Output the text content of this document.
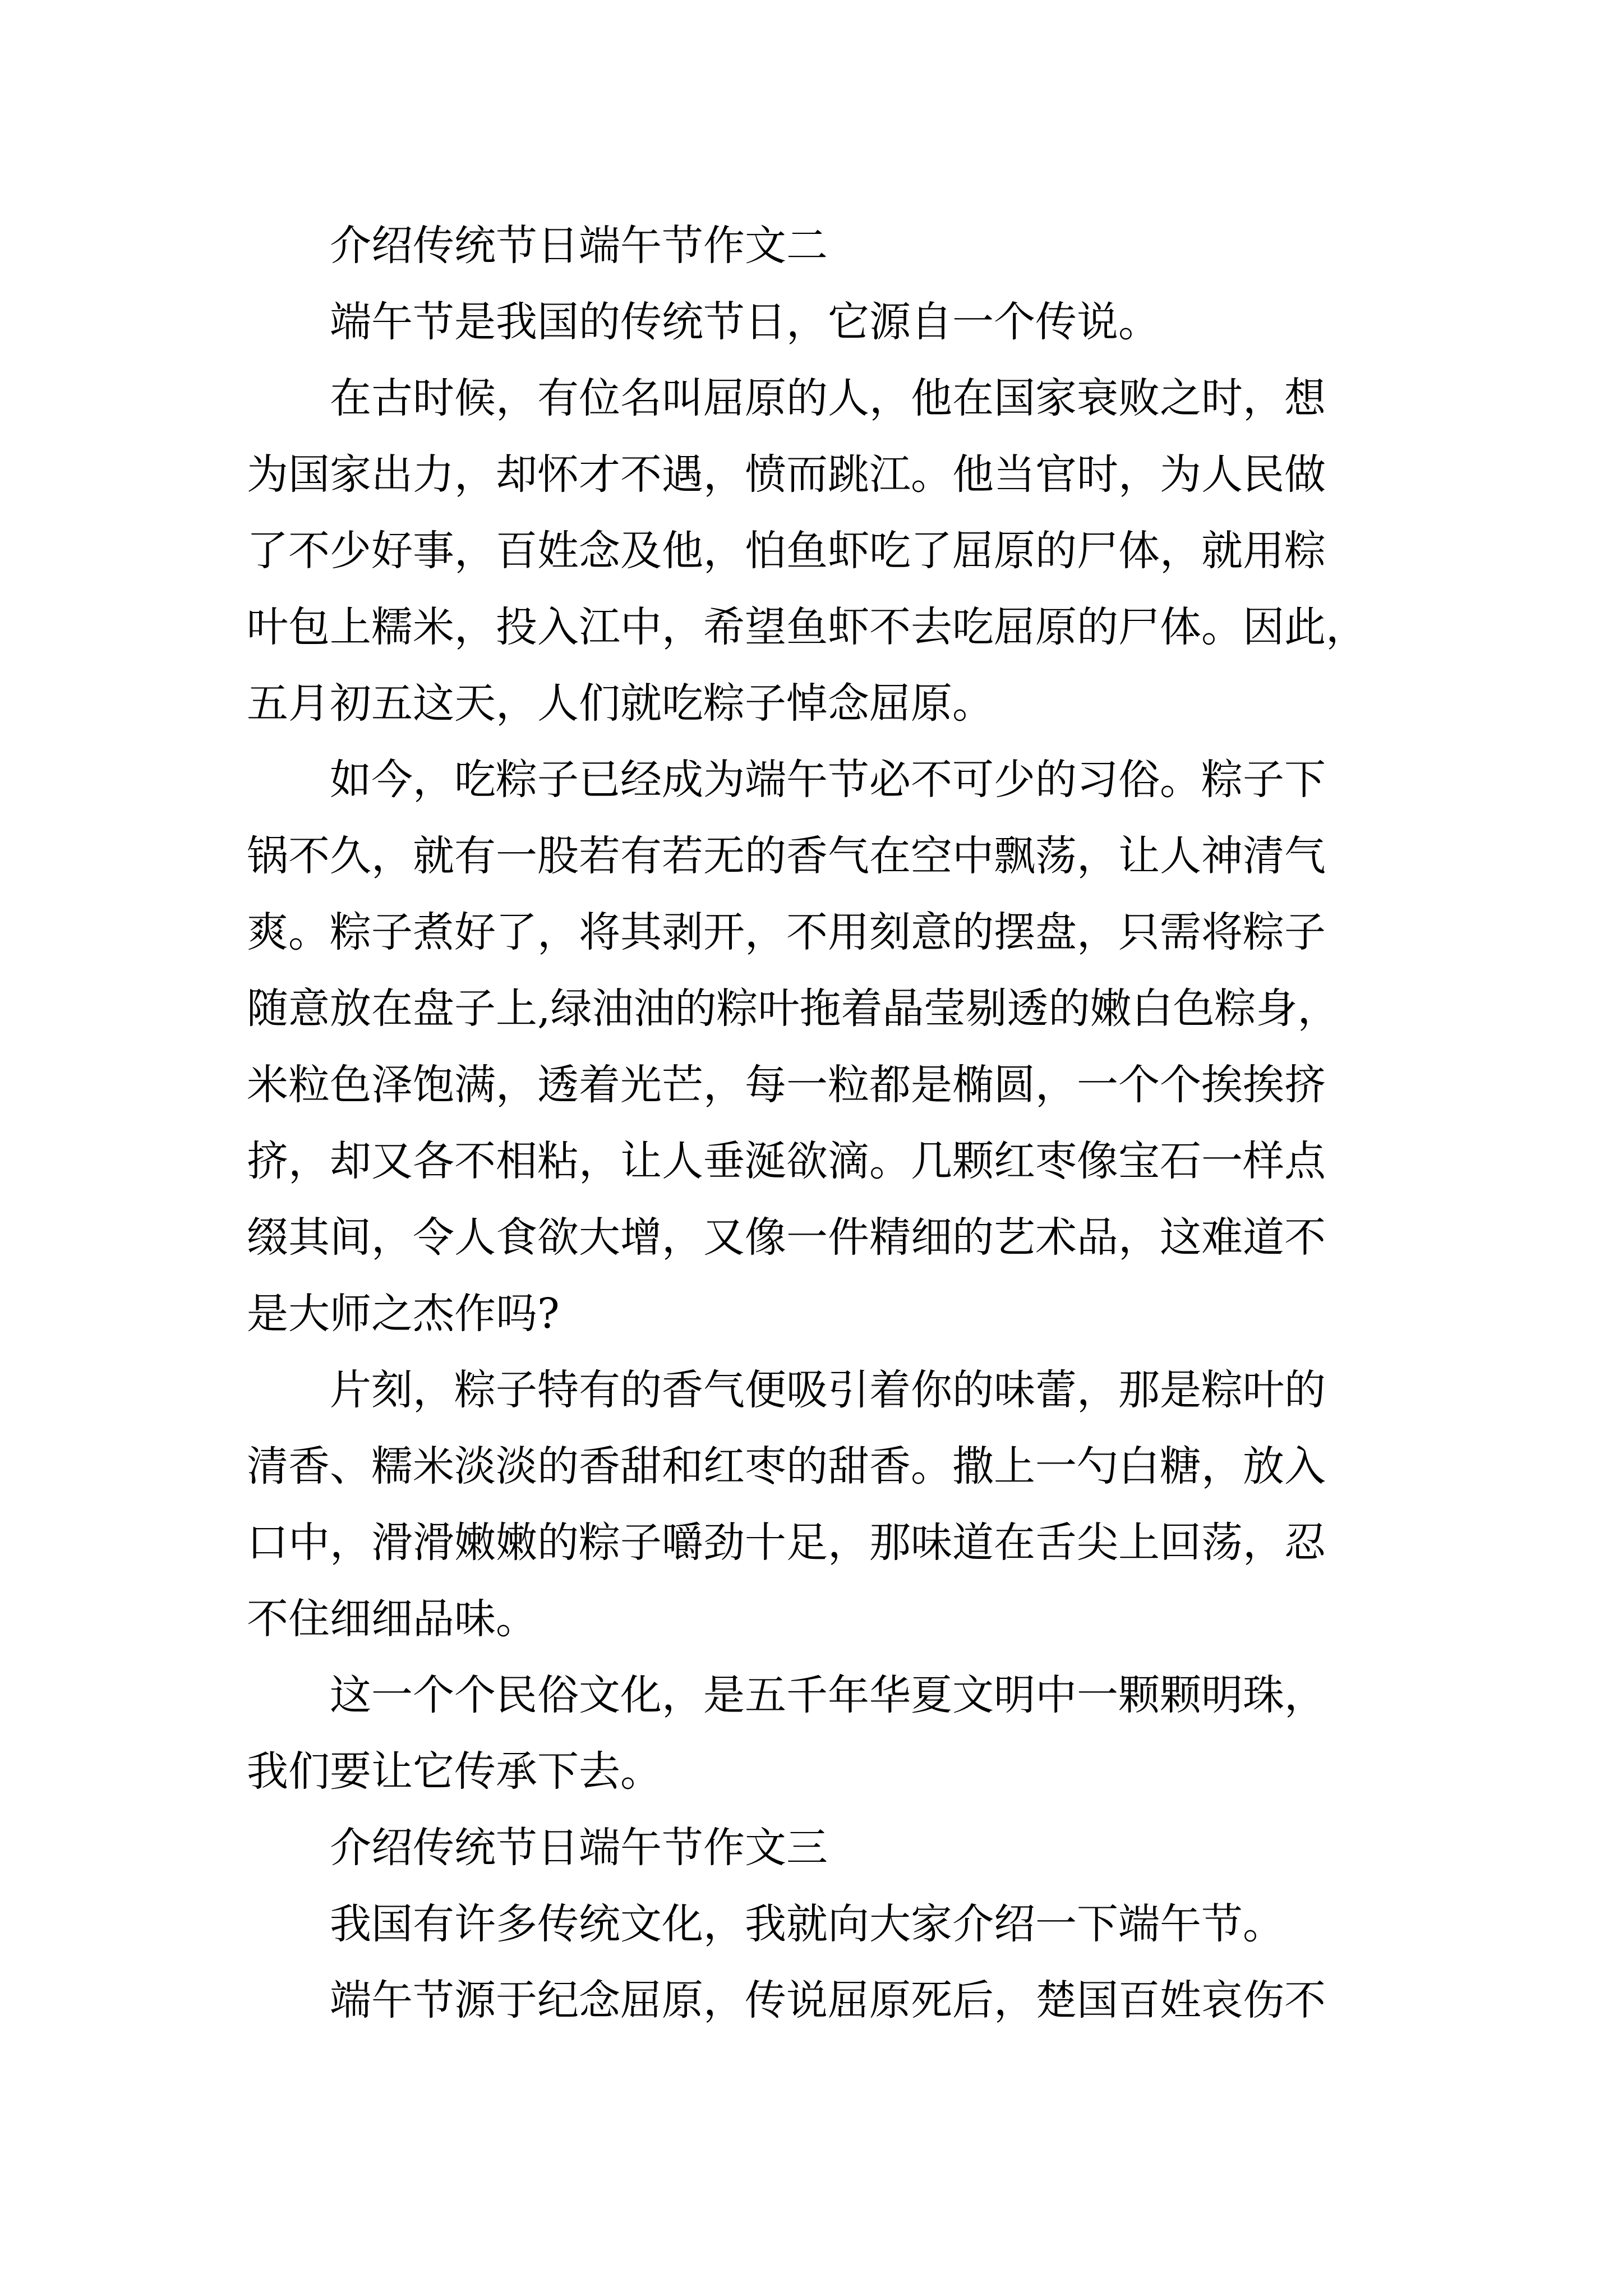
介绍传统节日端午节作文二
端午节是我国的传统节日，它源自一个传说。
在古时候，有位名叫屈原的人，他在国家衰败之时，想
为国家出力，却怀才不遇，愤而跳江。他当官时，为人民做
了不少好事，百姓念及他，怕鱼虾吃了屈原的尸体，就用粽
叶包上糯米，投入江中，希望鱼虾不去吃屈原的尸体。因此，
五月初五这天，人们就吃粽子悼念屈原。
如今，吃粽子已经成为端午节必不可少的习俗。粽子下
锅不久，就有一股若有若无的香气在空中飘荡，让人神清气
爽。粽子煮好了，将其剥开，不用刻意的摆盘，只需将粽子
随意放在盘子上,绿油油的粽叶拖着晶莹剔透的嫩白色粽身，
米粒色泽饱满，透着光芒，每一粒都是椭圆，一个个挨挨挤
挤，却又各不相粘，让人垂涎欲滴。几颗红枣像宝石一样点
缀其间，令人食欲大增，又像一件精细的艺术品，这难道不
是大师之杰作吗?
片刻，粽子特有的香气便吸引着你的味蕾，那是粽叶的
清香、糯米淡淡的香甜和红枣的甜香。撒上一勺白糖，放入
口中，滑滑嫩嫩的粽子嚼劲十足，那味道在舌尖上回荡，忍
不住细细品味。
这一个个民俗文化，是五千年华夏文明中一颗颗明珠，
我们要让它传承下去。
介绍传统节日端午节作文三
我国有许多传统文化，我就向大家介绍一下端午节。
端午节源于纪念屈原，传说屈原死后，楚国百姓哀伤不
